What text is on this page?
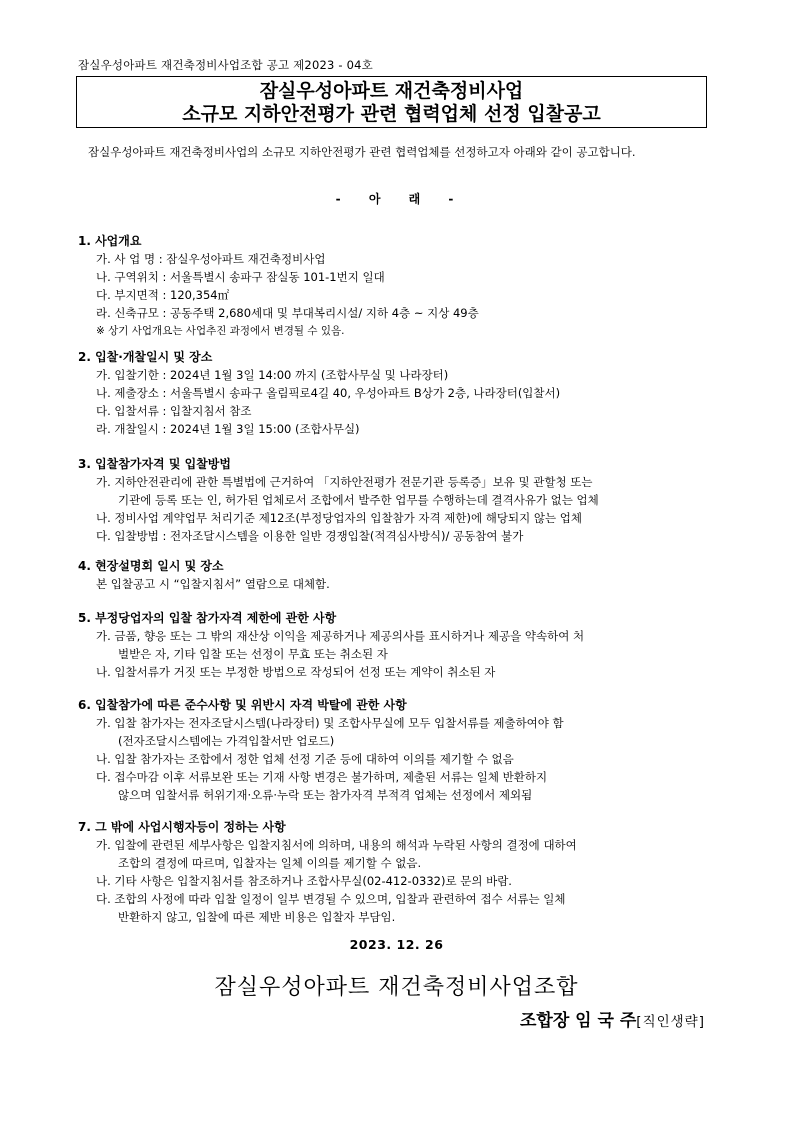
잠실우성아파트 재건축정비사업조합 공고 제2023 - 04호
잠실우성아파트 재건축정비사업
소규모 지하안전평가 관련 협력업체 선정 입찰공고
잠실우성아파트 재건축정비사업의 소규모 지하안전평가 관련 협력업체를 선정하고자 아래와 같이 공고합니다.
- 아 래 -
1. 사업개요
가. 사 업 명 : 잠실우성아파트 재건축정비사업
나. 구역위치 : 서울특별시 송파구 잠실동 101-1번지 일대
다. 부지면적 : 120,354㎡
라. 신축규모 : 공동주택 2,680세대 및 부대복리시설/ 지하 4층 ~ 지상 49층
※ 상기 사업개요는 사업추진 과정에서 변경될 수 있음.
2. 입찰·개찰일시 및 장소
가. 입찰기한 : 2024년 1월 3일 14:00 까지 (조합사무실 및 나라장터)
나. 제출장소 : 서울특별시 송파구 올림픽로4길 40, 우성아파트 B상가 2층, 나라장터(입찰서)
다. 입찰서류 : 입찰지침서 참조
라. 개찰일시 : 2024년 1월 3일 15:00 (조합사무실)
3. 입찰참가자격 및 입찰방법
가. 지하안전관리에 관한 특별법에 근거하여 「지하안전평가 전문기관 등록증」보유 및 관할청 또는
기관에 등록 또는 인, 허가된 업체로서 조합에서 발주한 업무를 수행하는데 결격사유가 없는 업체
나. 정비사업 계약업무 처리기준 제12조(부정당업자의 입찰참가 자격 제한)에 해당되지 않는 업체
다. 입찰방법 : 전자조달시스템을 이용한 일반 경쟁입찰(적격심사방식)/ 공동참여 불가
4. 현장설명회 일시 및 장소
본 입찰공고 시 “입찰지침서” 열람으로 대체함.
5. 부정당업자의 입찰 참가자격 제한에 관한 사항
가. 금품, 향응 또는 그 밖의 재산상 이익을 제공하거나 제공의사를 표시하거나 제공을 약속하여 처
벌받은 자, 기타 입찰 또는 선정이 무효 또는 취소된 자
나. 입찰서류가 거짓 또는 부정한 방법으로 작성되어 선정 또는 계약이 취소된 자
6. 입찰참가에 따른 준수사항 및 위반시 자격 박탈에 관한 사항
가. 입찰 참가자는 전자조달시스템(나라장터) 및 조합사무실에 모두 입찰서류를 제출하여야 함
(전자조달시스템에는 가격입찰서만 업로드)
나. 입찰 참가자는 조합에서 정한 업체 선정 기준 등에 대하여 이의를 제기할 수 없음
다. 접수마감 이후 서류보완 또는 기재 사항 변경은 불가하며, 제출된 서류는 일체 반환하지
않으며 입찰서류 허위기재·오류·누락 또는 참가자격 부적격 업체는 선정에서 제외됨
7. 그 밖에 사업시행자등이 정하는 사항
가. 입찰에 관련된 세부사항은 입찰지침서에 의하며, 내용의 해석과 누락된 사항의 결정에 대하여
조합의 결정에 따르며, 입찰자는 일체 이의를 제기할 수 없음.
나. 기타 사항은 입찰지침서를 참조하거나 조합사무실(02-412-0332)로 문의 바람.
다. 조합의 사정에 따라 입찰 일정이 일부 변경될 수 있으며, 입찰과 관련하여 접수 서류는 일체
반환하지 않고, 입찰에 따른 제반 비용은 입찰자 부담임.
2023. 12. 26
잠실우성아파트 재건축정비사업조합
조합장 임 국 주[직인생략]
